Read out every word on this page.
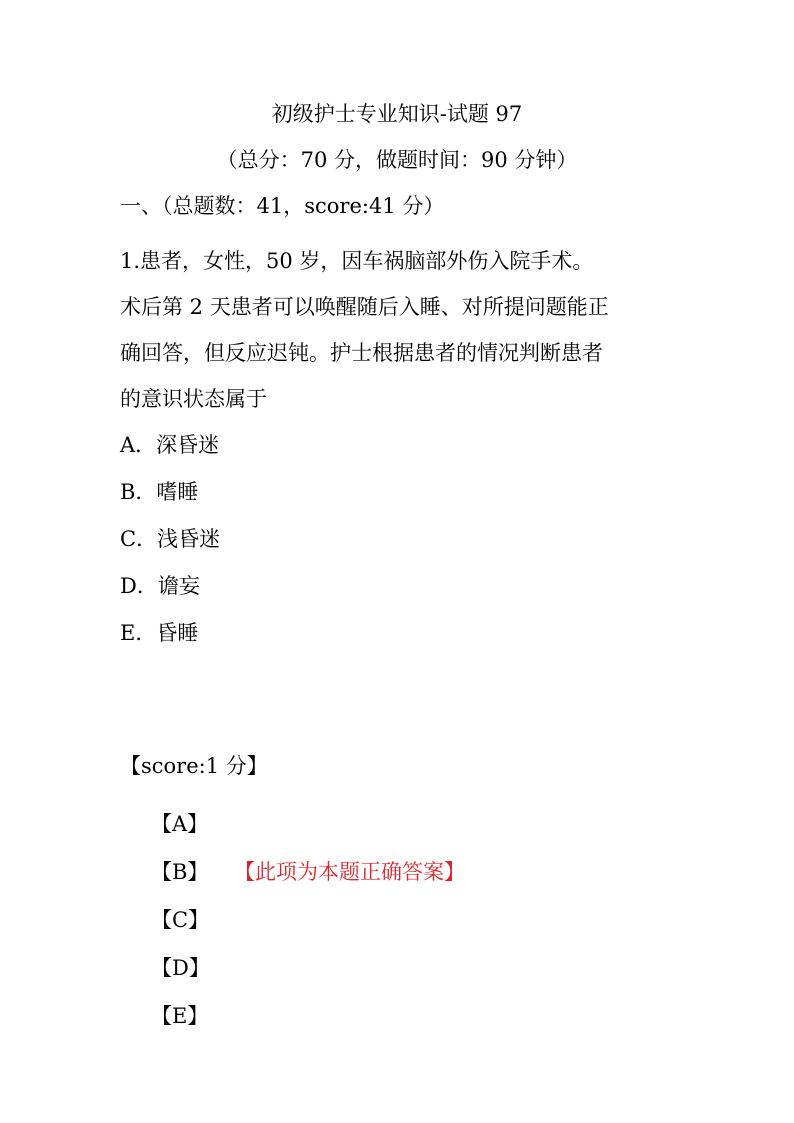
初级护士专业知识-试题 97
（总分：70 分，做题时间：90 分钟）
一、（总题数：41，score:41 分）
1.患者，女性，50 岁，因车祸脑部外伤入院手术。
术后第 2 天患者可以唤醒随后入睡、对所提问题能正
确回答，但反应迟钝。护士根据患者的情况判断患者
的意识状态属于
A．深昏迷
B．嗜睡
C．浅昏迷
D．谵妄
E．昏睡
【score:1 分】
【A】
【B】 【此项为本题正确答案】
【C】
【D】
【E】
